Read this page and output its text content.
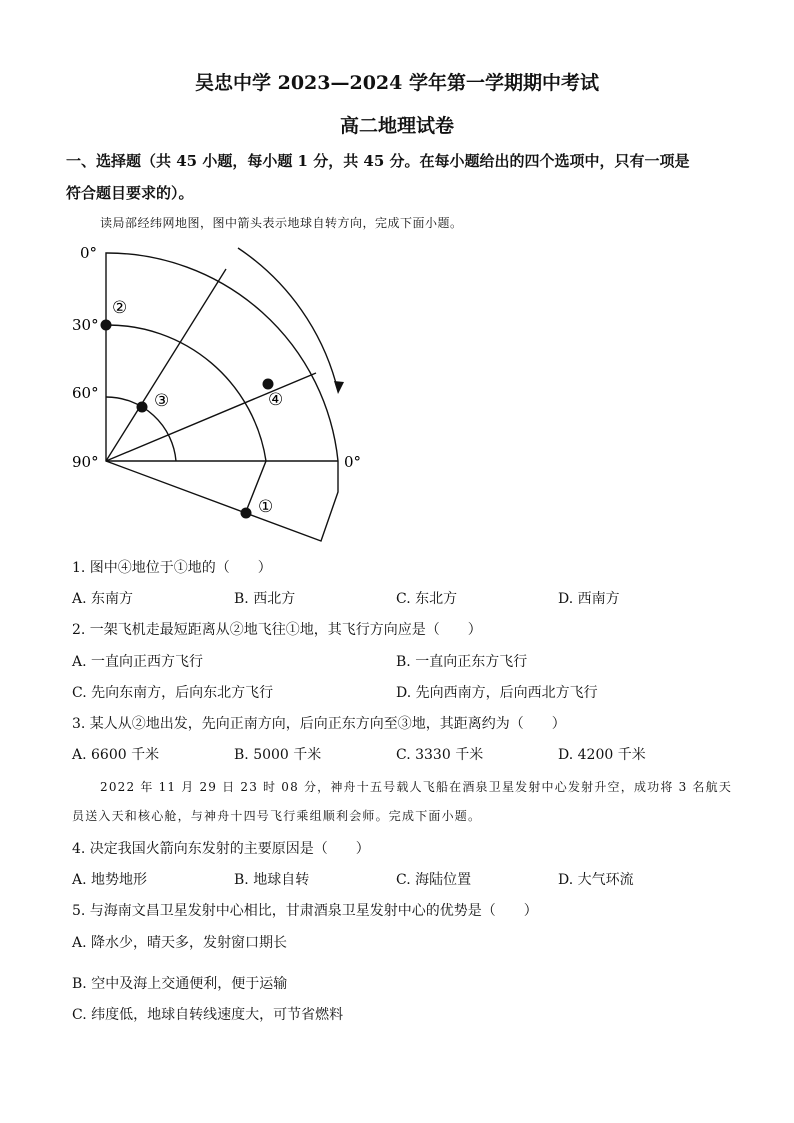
吴忠中学 2023—2024 学年第一学期期中考试
高二地理试卷
一、选择题（共 45 小题，每小题 1 分，共 45 分。在每小题给出的四个选项中，只有一项是
符合题目要求的）。
读局部经纬网地图，图中箭头表示地球自转方向，完成下面小题。
0°
30°
60°
90°	0°
②
③	④
①
1. 图中④地位于①地的（　　）
A. 东南方	B. 西北方	C. 东北方	D. 西南方
2. 一架飞机走最短距离从②地飞往①地，其飞行方向应是（　　）
A. 一直向正西方飞行	B. 一直向正东方飞行
C. 先向东南方，后向东北方飞行	D. 先向西南方，后向西北方飞行
3. 某人从②地出发，先向正南方向，后向正东方向至③地，其距离约为（　　）
A. 6600 千米	B. 5000 千米	C. 3330 千米	D. 4200 千米
2022 年 11 月 29 日 23 时 08 分，神舟十五号载人飞船在酒泉卫星发射中心发射升空，成功将 3 名航天
员送入天和核心舱，与神舟十四号飞行乘组顺利会师。完成下面小题。
4. 决定我国火箭向东发射的主要原因是（　　）
A. 地势地形	B. 地球自转	C. 海陆位置	D. 大气环流
5. 与海南文昌卫星发射中心相比，甘肃酒泉卫星发射中心的优势是（　　）
A. 降水少，晴天多，发射窗口期长
B. 空中及海上交通便利，便于运输
C. 纬度低，地球自转线速度大，可节省燃料
